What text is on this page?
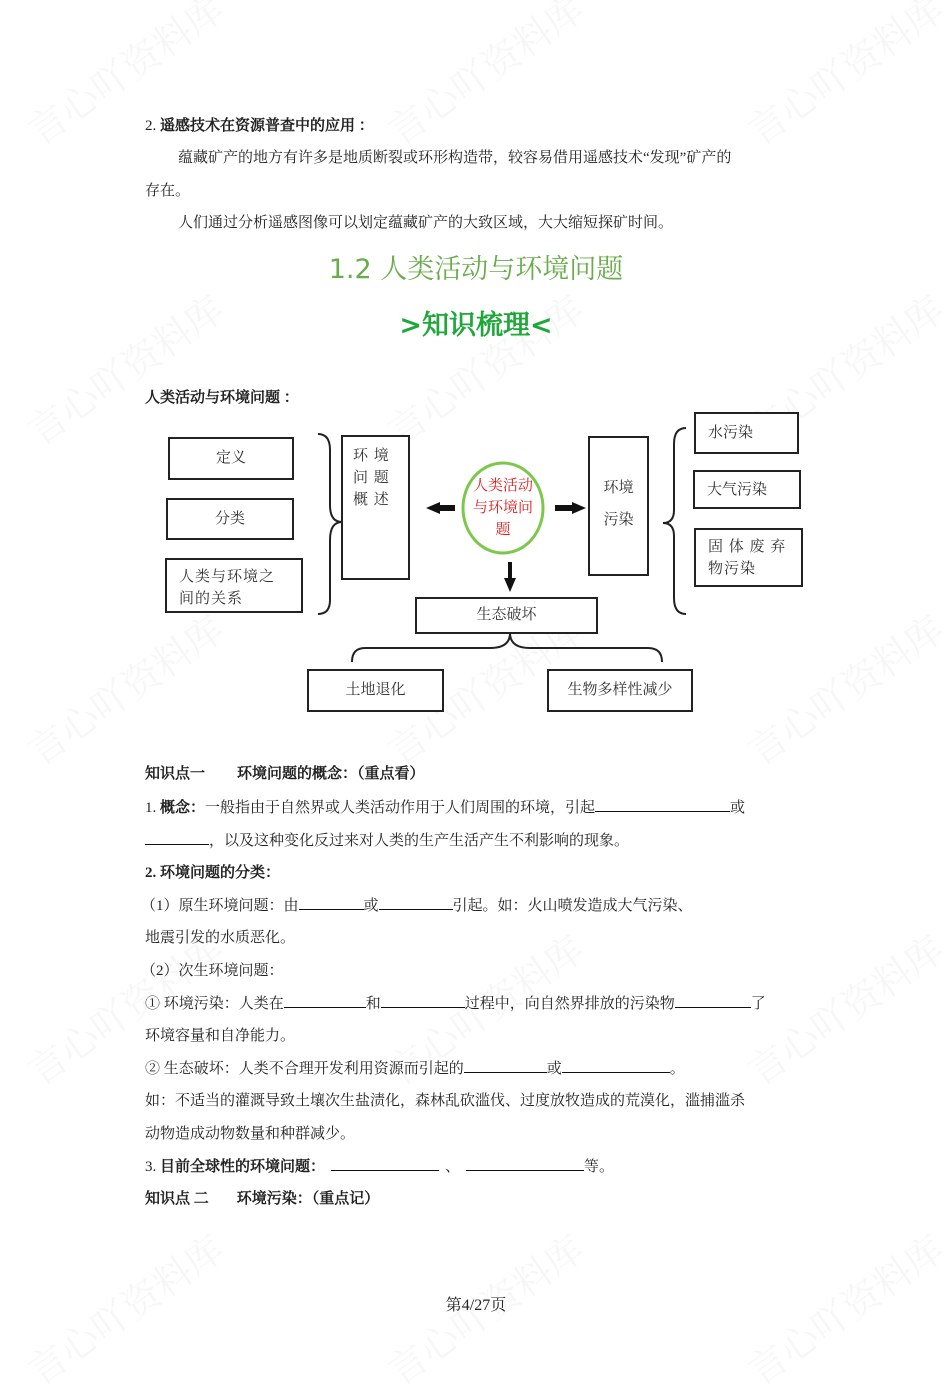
2. 遥感技术在资源普查中的应用 ：
蕴藏矿产的地方有许多是地质断裂或环形构造带，较容易借用遥感技术“发现”矿产的
存在。
人们通过分析遥感图像可以划定蕴藏矿产的大致区域，大大缩短探矿时间。
1.2 人类活动与环境问题
>知识梳理<
人类活动与环境问题 ：
定义
分类
人类与环境之间的关系
环 境 问 题 概 述
人类活动与环境问题
环境 污染
水污染
大气污染
固 体 废 弃 物污染
生态破坏
土地退化	生物多样性减少
知识点一 环境问题的概念：（重点看）
1. 概念：一般指由于自然界或人类活动作用于人们周围的环境，引起	或
，以及这种变化反过来对人类的生产生活产生不利影响的现象。
2. 环境问题的分类：
（1）原生环境问题：由	或	引起。如：火山喷发造成大气污染、
地震引发的水质恶化。
（2）次生环境问题：
① 环境污染：人类在	和	过程中，向自然界排放的污染物	了
环境容量和自净能力。
② 生态破坏：人类不合理开发利用资源而引起的	或	。
如：不适当的灌溉导致土壤次生盐渍化，森林乱砍滥伐、过度放牧造成的荒漠化，滥捕滥杀
动物造成动物数量和种群减少。
3. 目前全球性的环境问题：	、	等。
知识点 二 环境污染：（重点记）
第4/27页
